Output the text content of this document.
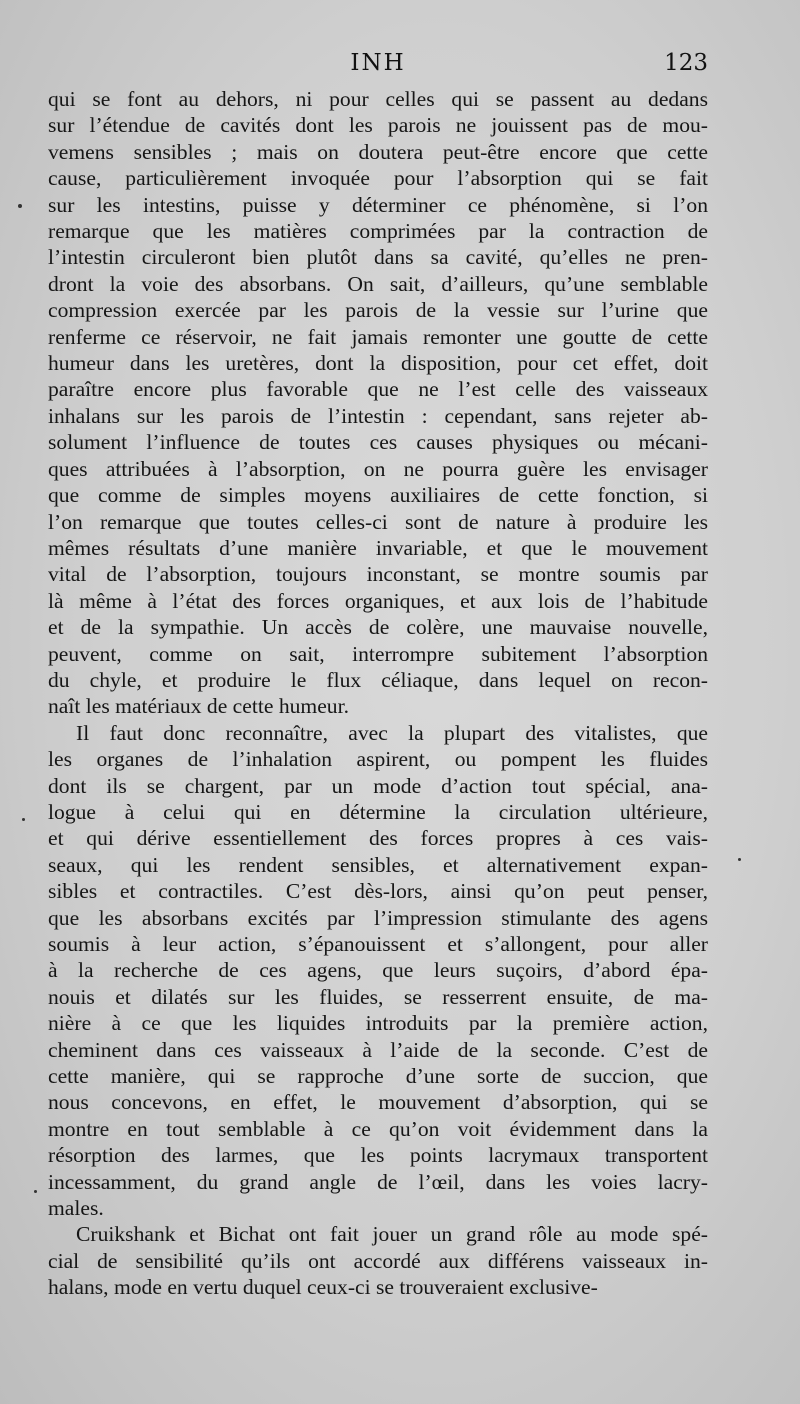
INH	123

qui se font au dehors, ni pour celles qui se passent au dedans
sur l’étendue de cavités dont les parois ne jouissent pas de mou-
vemens sensibles ; mais on doutera peut-être encore que cette
cause, particulièrement invoquée pour l’absorption qui se fait
sur les intestins, puisse y déterminer ce phénomène, si l’on
remarque que les matières comprimées par la contraction de
l’intestin circuleront bien plutôt dans sa cavité, qu’elles ne pren-
dront la voie des absorbans. On sait, d’ailleurs, qu’une semblable
compression exercée par les parois de la vessie sur l’urine que
renferme ce réservoir, ne fait jamais remonter une goutte de cette
humeur dans les uretères, dont la disposition, pour cet effet, doit
paraître encore plus favorable que ne l’est celle des vaisseaux
inhalans sur les parois de l’intestin : cependant, sans rejeter ab-
solument l’influence de toutes ces causes physiques ou mécani-
ques attribuées à l’absorption, on ne pourra guère les envisager
que comme de simples moyens auxiliaires de cette fonction, si
l’on remarque que toutes celles-ci sont de nature à produire les
mêmes résultats d’une manière invariable, et que le mouvement
vital de l’absorption, toujours inconstant, se montre soumis par
là même à l’état des forces organiques, et aux lois de l’habitude
et de la sympathie. Un accès de colère, une mauvaise nouvelle,
peuvent, comme on sait, interrompre subitement l’absorption
du chyle, et produire le flux céliaque, dans lequel on recon-
naît les matériaux de cette humeur.

Il faut donc reconnaître, avec la plupart des vitalistes, que
les organes de l’inhalation aspirent, ou pompent les fluides
dont ils se chargent, par un mode d’action tout spécial, ana-
logue à celui qui en détermine la circulation ultérieure,
et qui dérive essentiellement des forces propres à ces vais-
seaux, qui les rendent sensibles, et alternativement expan-
sibles et contractiles. C’est dès-lors, ainsi qu’on peut penser,
que les absorbans excités par l’impression stimulante des agens
soumis à leur action, s’épanouissent et s’allongent, pour aller
à la recherche de ces agens, que leurs suçoirs, d’abord épa-
nouis et dilatés sur les fluides, se resserrent ensuite, de ma-
nière à ce que les liquides introduits par la première action,
cheminent dans ces vaisseaux à l’aide de la seconde. C’est de
cette manière, qui se rapproche d’une sorte de succion, que
nous concevons, en effet, le mouvement d’absorption, qui se
montre en tout semblable à ce qu’on voit évidemment dans la
résorption des larmes, que les points lacrymaux transportent
incessamment, du grand angle de l’œil, dans les voies lacry-
males.

Cruikshank et Bichat ont fait jouer un grand rôle au mode spé-
cial de sensibilité qu’ils ont accordé aux différens vaisseaux in-
halans, mode en vertu duquel ceux-ci se trouveraient exclusive-
